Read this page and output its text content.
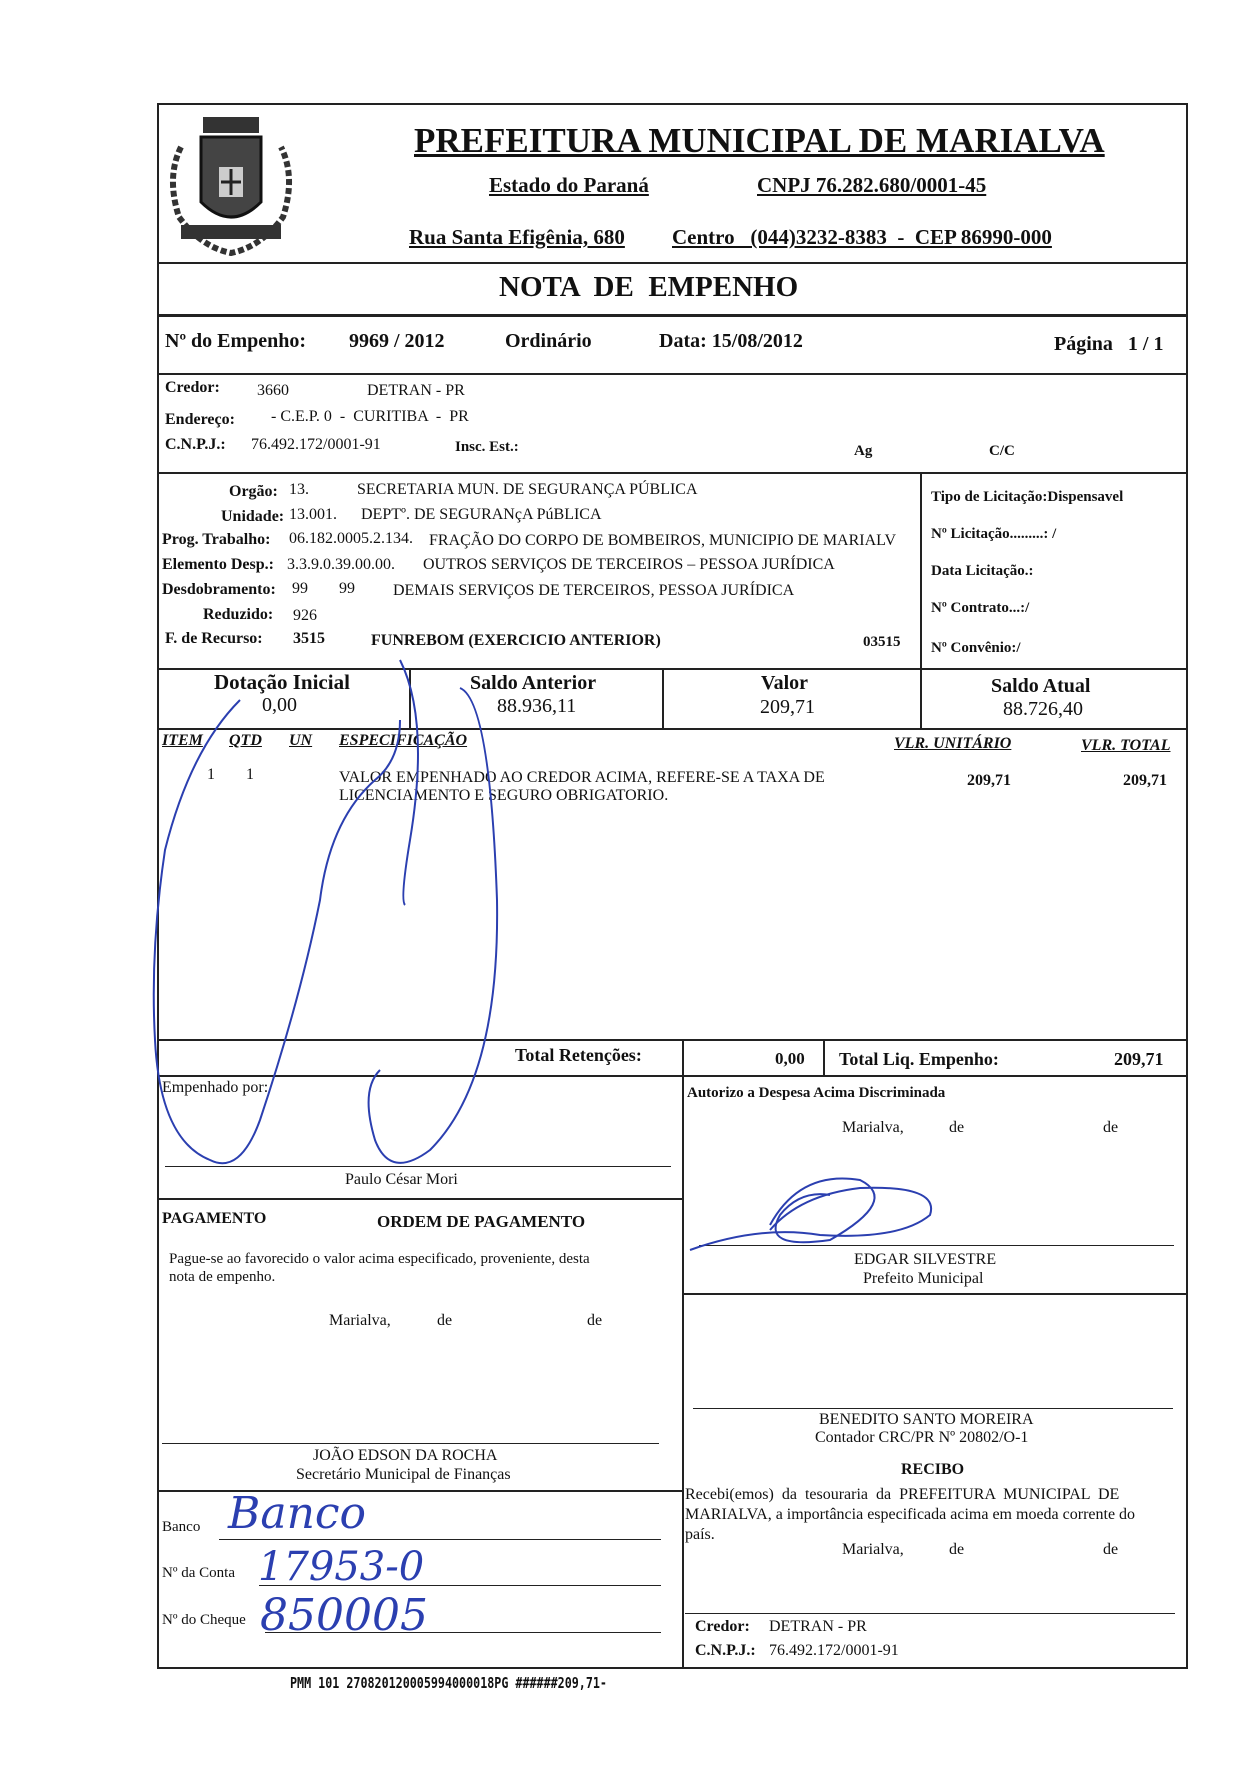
PREFEITURA MUNICIPAL DE MARIALVA
Estado do Paraná	CNPJ 76.282.680/0001-45
Rua Santa Efigênia, 680 Centro   (044)3232-8383  -  CEP 86990-000
NOTA  DE  EMPENHO
Nº do Empenho: 9969 / 2012	Ordinário	Data: 15/08/2012	Página   1 / 1
Credor: 3660	DETRAN - PR
Endereço: - C.E.P. 0  -  CURITIBA  -  PR
C.N.P.J.: 76.492.172/0001-91	Insc. Est.:	Ag	C/C
Orgão: 13.	SECRETARIA MUN. DE SEGURANÇA PÚBLICA
Unidade: 13.001. DEPTº. DE SEGURANçA PúBLICA
Prog. Trabalho: 06.182.0005.2.134. FRAÇÃO DO CORPO DE BOMBEIROS, MUNICIPIO DE MARIALV
Elemento Desp.: 3.3.9.0.39.00.00. OUTROS SERVIÇOS DE TERCEIROS – PESSOA JURÍDICA
Desdobramento: 99 99 DEMAIS SERVIÇOS DE TERCEIROS, PESSOA JURÍDICA
Reduzido: 926
F. de Recurso: 3515	FUNREBOM (EXERCICIO ANTERIOR)	03515
Tipo de Licitação:Dispensavel
Nº Licitação.........: /
Data Licitação.:
Nº Contrato...:/
Nº Convênio:/
Dotação Inicial
0,00
Saldo Anterior
88.936,11
Valor
209,71
Saldo Atual
88.726,40
ITEM QTD UN ESPECIFICAÇÃO	VLR. UNITÁRIO	VLR. TOTAL
1 1	VALOR EMPENHADO AO CREDOR ACIMA, REFERE-SE A TAXA DE
LICENCIAMENTO E SEGURO OBRIGATORIO.
209,71	209,71
Total Retenções:	0,00 Total Liq. Empenho:	209,71
Empenhado por:
Paulo César Mori
PAGAMENTO	ORDEM DE PAGAMENTO
Pague-se ao favorecido o valor acima especificado, proveniente, desta
nota de empenho.
Marialva,	de	de
JOÃO EDSON DA ROCHA
Secretário Municipal de Finanças
Banco
Nº da Conta
Nº do Cheque
Autorizo a Despesa Acima Discriminada
Marialva,	de	de
EDGAR SILVESTRE
Prefeito Municipal
BENEDITO SANTO MOREIRA
Contador CRC/PR Nº 20802/O-1
RECIBO
Recebi(emos)  da  tesouraria  da  PREFEITURA  MUNICIPAL  DE
MARIALVA, a importância especificada acima em moeda corrente do
país.
Marialva,	de	de
Credor: DETRAN - PR
C.N.P.J.: 76.492.172/0001-91
PMM 101 270820120005994000018PG ######209,71-
Banco
17953-0
850005
